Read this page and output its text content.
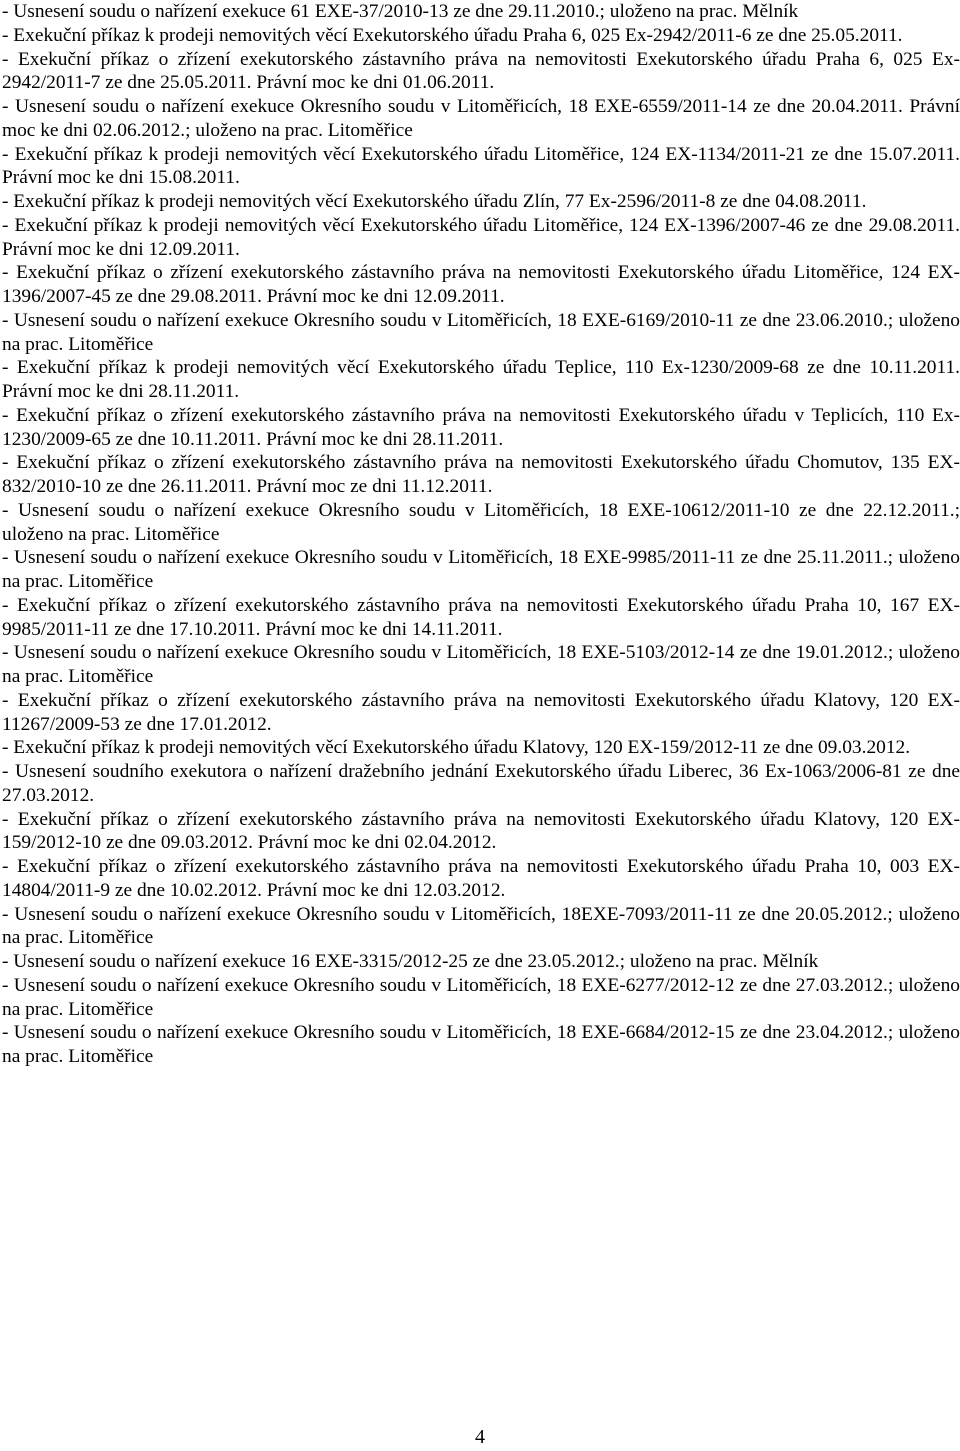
- Usnesení soudu o nařízení exekuce 61 EXE-37/2010-13 ze dne 29.11.2010.; uloženo na prac. Mělník
- Exekuční příkaz k prodeji nemovitých věcí Exekutorského úřadu Praha 6, 025 Ex-2942/2011-6 ze dne 25.05.2011.
- Exekuční příkaz o zřízení exekutorského zástavního práva na nemovitosti Exekutorského úřadu Praha 6, 025 Ex-2942/2011-7 ze dne 25.05.2011. Právní moc ke dni 01.06.2011.
- Usnesení soudu o nařízení exekuce Okresního soudu v Litoměřicích, 18 EXE-6559/2011-14 ze dne 20.04.2011. Právní moc ke dni 02.06.2012.; uloženo na prac. Litoměřice
- Exekuční příkaz k prodeji nemovitých věcí Exekutorského úřadu Litoměřice, 124 EX-1134/2011-21 ze dne 15.07.2011. Právní moc ke dni 15.08.2011.
- Exekuční příkaz k prodeji nemovitých věcí Exekutorského úřadu Zlín, 77 Ex-2596/2011-8 ze dne 04.08.2011.
- Exekuční příkaz k prodeji nemovitých věcí Exekutorského úřadu Litoměřice, 124 EX-1396/2007-46 ze dne 29.08.2011. Právní moc ke dni 12.09.2011.
- Exekuční příkaz o zřízení exekutorského zástavního práva na nemovitosti Exekutorského úřadu Litoměřice, 124 EX-1396/2007-45 ze dne 29.08.2011. Právní moc ke dni 12.09.2011.
- Usnesení soudu o nařízení exekuce Okresního soudu v Litoměřicích, 18 EXE-6169/2010-11 ze dne 23.06.2010.; uloženo na prac. Litoměřice
- Exekuční příkaz k prodeji nemovitých věcí Exekutorského úřadu Teplice, 110 Ex-1230/2009-68 ze dne 10.11.2011. Právní moc ke dni 28.11.2011.
- Exekuční příkaz o zřízení exekutorského zástavního práva na nemovitosti Exekutorského úřadu v Teplicích, 110 Ex-1230/2009-65 ze dne 10.11.2011. Právní moc ke dni 28.11.2011.
- Exekuční příkaz o zřízení exekutorského zástavního práva na nemovitosti Exekutorského úřadu Chomutov, 135 EX-832/2010-10 ze dne 26.11.2011. Právní moc ze dni 11.12.2011.
- Usnesení soudu o nařízení exekuce Okresního soudu v Litoměřicích, 18 EXE-10612/2011-10 ze dne 22.12.2011.; uloženo na prac. Litoměřice
- Usnesení soudu o nařízení exekuce Okresního soudu v Litoměřicích, 18 EXE-9985/2011-11 ze dne 25.11.2011.; uloženo na prac. Litoměřice
- Exekuční příkaz o zřízení exekutorského zástavního práva na nemovitosti Exekutorského úřadu Praha 10, 167 EX-9985/2011-11 ze dne 17.10.2011. Právní moc ke dni 14.11.2011.
- Usnesení soudu o nařízení exekuce Okresního soudu v Litoměřicích, 18 EXE-5103/2012-14 ze dne 19.01.2012.; uloženo na prac. Litoměřice
- Exekuční příkaz o zřízení exekutorského zástavního práva na nemovitosti Exekutorského úřadu Klatovy, 120 EX-11267/2009-53 ze dne 17.01.2012.
- Exekuční příkaz k prodeji nemovitých věcí Exekutorského úřadu Klatovy, 120 EX-159/2012-11 ze dne 09.03.2012.
- Usnesení soudního exekutora o nařízení dražebního jednání Exekutorského úřadu Liberec, 36 Ex-1063/2006-81 ze dne 27.03.2012.
- Exekuční příkaz o zřízení exekutorského zástavního práva na nemovitosti Exekutorského úřadu Klatovy, 120 EX-159/2012-10 ze dne 09.03.2012. Právní moc ke dni 02.04.2012.
- Exekuční příkaz o zřízení exekutorského zástavního práva na nemovitosti Exekutorského úřadu Praha 10, 003 EX-14804/2011-9 ze dne 10.02.2012. Právní moc ke dni 12.03.2012.
- Usnesení soudu o nařízení exekuce Okresního soudu v Litoměřicích, 18EXE-7093/2011-11 ze dne 20.05.2012.; uloženo na prac. Litoměřice
- Usnesení soudu o nařízení exekuce 16 EXE-3315/2012-25 ze dne 23.05.2012.; uloženo na prac. Mělník
- Usnesení soudu o nařízení exekuce Okresního soudu v Litoměřicích, 18 EXE-6277/2012-12 ze dne 27.03.2012.; uloženo na prac. Litoměřice
- Usnesení soudu o nařízení exekuce Okresního soudu v Litoměřicích, 18 EXE-6684/2012-15 ze dne 23.04.2012.; uloženo na prac. Litoměřice
4
